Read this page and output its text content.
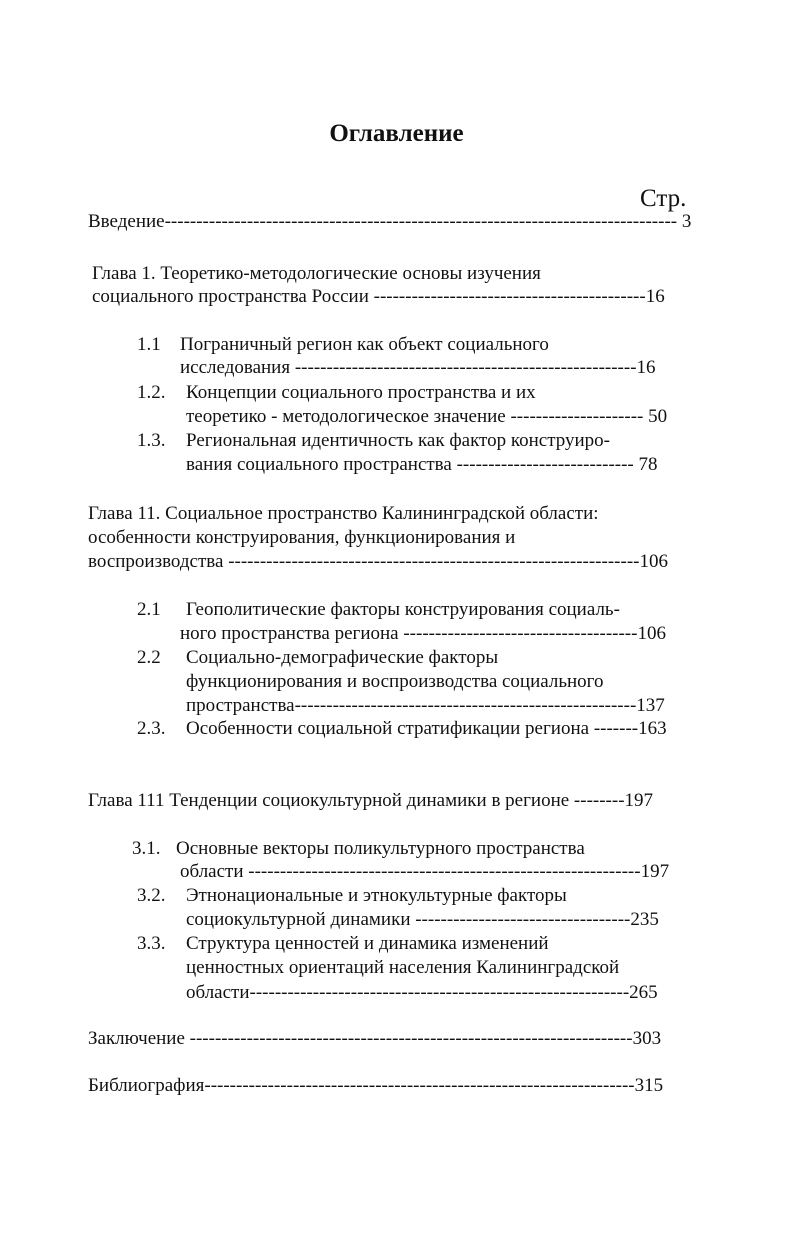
Оглавление
Стр.
Введение--------------------------------------------------------------------------------- 3
Глава 1. Теоретико-методологические основы изучения
социального пространства России -------------------------------------------16
1.1 Пограничный регион как объект социального
исследования ------------------------------------------------------16
1.2. Концепции социального пространства и их
теоретико - методологическое значение --------------------- 50
1.3. Региональная идентичность как фактор конструиро-
вания социального пространства ---------------------------- 78
Глава 11. Социальное пространство Калининградской области:
особенности конструирования, функционирования и
воспроизводства -----------------------------------------------------------------106
2.1 Геополитические факторы конструирования социаль-
ного пространства региона -------------------------------------106
2.2 Социально-демографические факторы
функционирования и воспроизводства социального
пространства------------------------------------------------------137
2.3. Особенности социальной стратификации региона -------163
Глава 111 Тенденции социокультурной динамики в регионе --------197
3.1. Основные векторы поликультурного пространства
области --------------------------------------------------------------197
3.2. Этнонациональные и этнокультурные факторы
социокультурной динамики ----------------------------------235
3.3. Структура ценностей и динамика изменений
ценностных ориентаций населения Калининградской
области------------------------------------------------------------265
Заключение ----------------------------------------------------------------------303
Библиография--------------------------------------------------------------------315
